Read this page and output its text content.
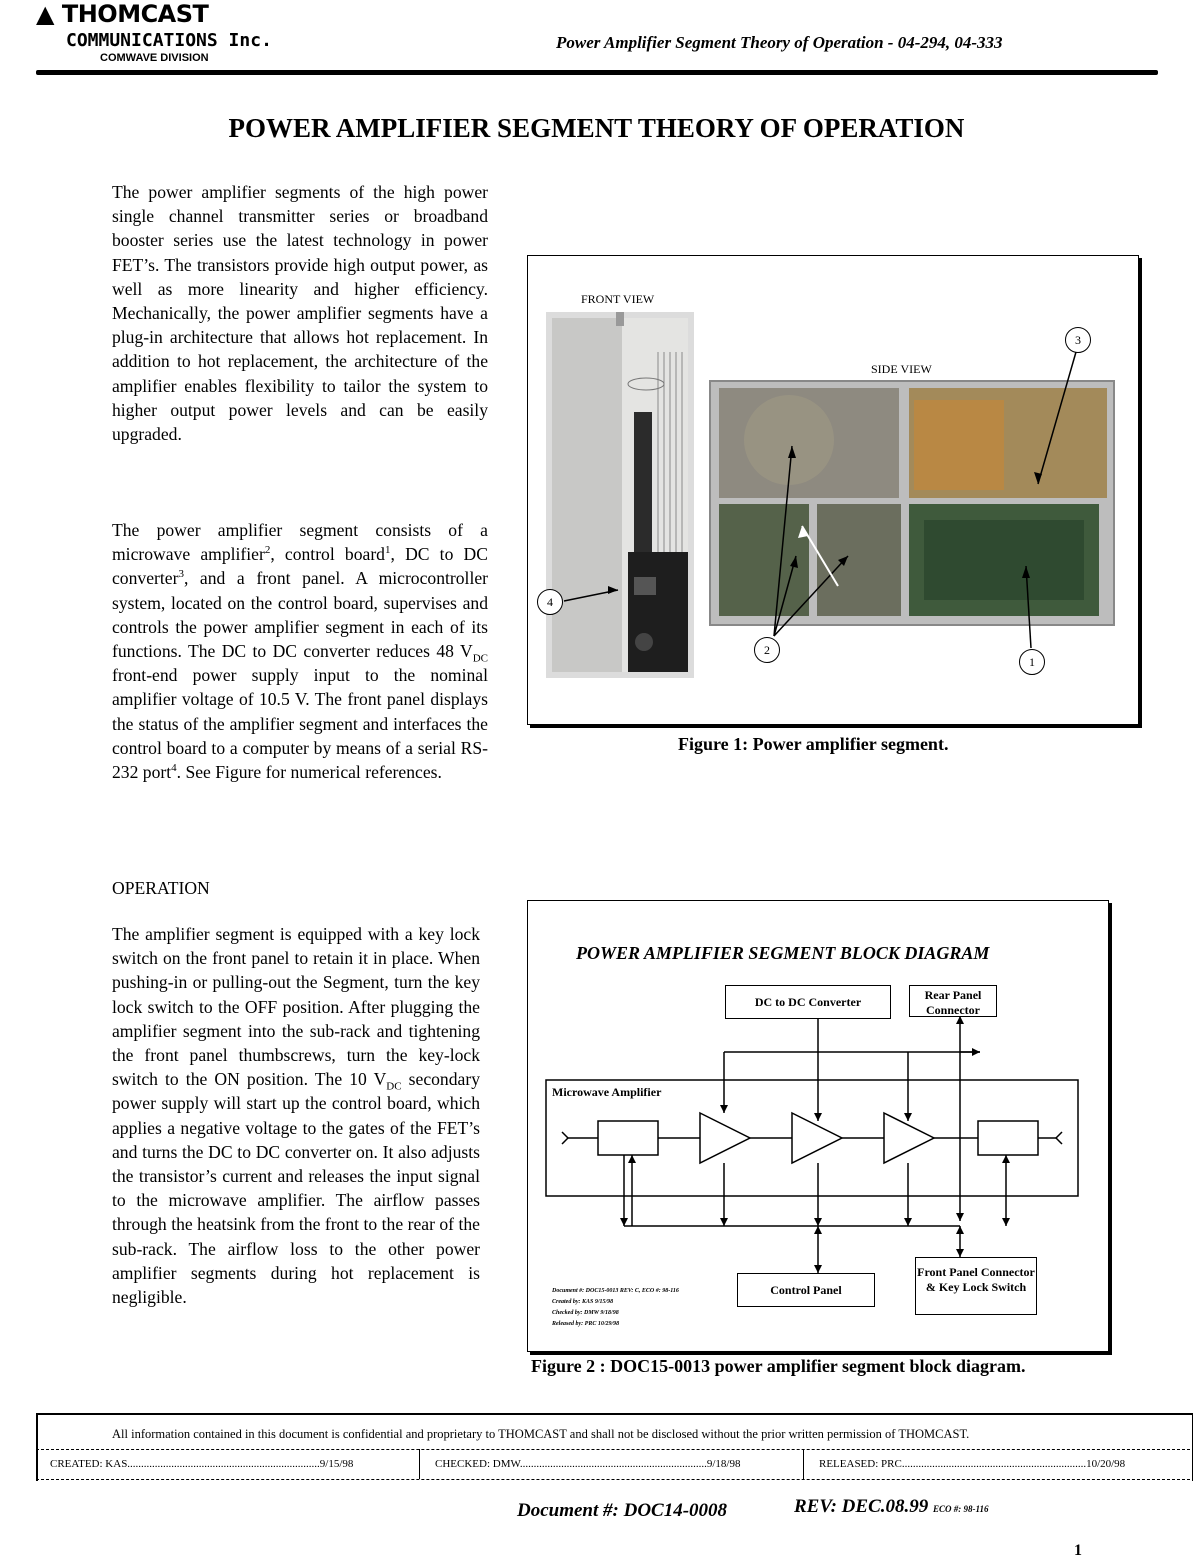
▲ THOMCAST
COMMUNICATIONS Inc.
COMWAVE DIVISION
Power Amplifier Segment Theory of Operation - 04-294, 04-333
POWER AMPLIFIER SEGMENT THEORY OF OPERATION

The power amplifier segments of the high power single channel transmitter series or broadband booster series use the latest technology in power FET’s. The transistors provide high output power, as well as more linearity and higher efficiency. Mechanically, the power amplifier segments have a plug-in architecture that allows hot replacement. In addition to hot replacement, the architecture of the amplifier enables flexibility to tailor the system to higher output power levels and can be easily upgraded.

The power amplifier segment consists of a microwave amplifier$^2$, control board$^1$, DC to DC converter$^3$, and a front panel. A microcontroller system, located on the control board, supervises and controls the power amplifier segment in each of its functions. The DC to DC converter reduces 48 $V_{DC}$ front-end power supply input to the nominal amplifier voltage of 10.5 V. The front panel displays the status of the amplifier segment and interfaces the control board to a computer by means of a serial RS-232 port$^4$. See Figure for numerical references.

OPERATION

The amplifier segment is equipped with a key lock switch on the front panel to retain it in place. When pushing-in or pulling-out the Segment, turn the key lock switch to the OFF position. After plugging the amplifier segment into the sub-rack and tightening the front panel thumbscrews, turn the key-lock switch to the ON position. The 10 $V_{DC}$ secondary power supply will start up the control board, which applies a negative voltage to the gates of the FET’s and turns the DC to DC converter on. It also adjusts the transistor’s current and releases the input signal to the microwave amplifier. The airflow passes through the heatsink from the front to the rear of the sub-rack. The airflow loss to the other power amplifier segments during hot replacement is negligible.

FRONT VIEW
SIDE VIEW
3
4
2
1
Figure 1: Power amplifier segment.
POWER AMPLIFIER SEGMENT BLOCK DIAGRAM
DC to DC Converter	Rear Panel Connector
Microwave Amplifier
Control Panel
Front Panel Connector & Key Lock Switch
Document #: DOC15-0013 REV: C, ECO #: 98-116
Created by: KAS 9/15/98
Checked by: DMW 9/18/98
Released by: PRC 10/29/98
Figure 2 : DOC15-0013 power amplifier segment block diagram.
All information contained in this document is confidential and proprietary to THOMCAST and shall not be disclosed without the prior written permission of THOMCAST.
CREATED: KAS......................................................................9/15/98	CHECKED: DMW....................................................................9/18/98	RELEASED: PRC...................................................................10/20/98
Document #: DOC14-0008	REV: DEC.08.99 ECO #: 98-116
1
